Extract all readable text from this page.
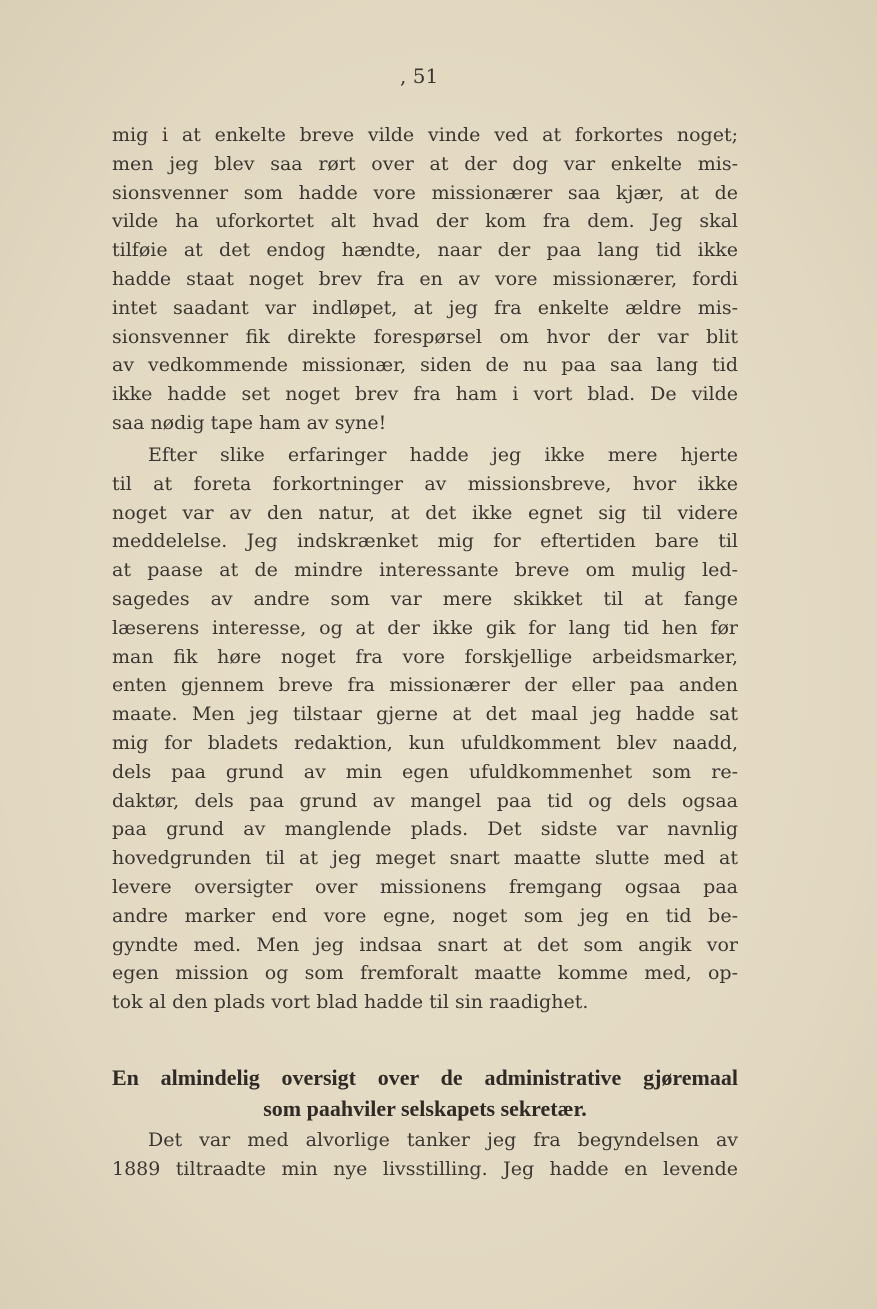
, 51
mig i at enkelte breve vilde vinde ved at forkortes noget;
men jeg blev saa rørt over at der dog var enkelte mis-
sionsvenner som hadde vore missionærer saa kjær, at de
vilde ha uforkortet alt hvad der kom fra dem. Jeg skal
tilføie at det endog hændte, naar der paa lang tid ikke
hadde staat noget brev fra en av vore missionærer, fordi
intet saadant var indløpet, at jeg fra enkelte ældre mis-
sionsvenner fik direkte forespørsel om hvor der var blit
av vedkommende missionær, siden de nu paa saa lang tid
ikke hadde set noget brev fra ham i vort blad. De vilde
saa nødig tape ham av syne!
Efter slike erfaringer hadde jeg ikke mere hjerte
til at foreta forkortninger av missionsbreve, hvor ikke
noget var av den natur, at det ikke egnet sig til videre
meddelelse. Jeg indskrænket mig for eftertiden bare til
at paase at de mindre interessante breve om mulig led-
sagedes av andre som var mere skikket til at fange
læserens interesse, og at der ikke gik for lang tid hen før
man fik høre noget fra vore forskjellige arbeidsmarker,
enten gjennem breve fra missionærer der eller paa anden
maate. Men jeg tilstaar gjerne at det maal jeg hadde sat
mig for bladets redaktion, kun ufuldkomment blev naadd,
dels paa grund av min egen ufuldkommenhet som re-
daktør, dels paa grund av mangel paa tid og dels ogsaa
paa grund av manglende plads. Det sidste var navnlig
hovedgrunden til at jeg meget snart maatte slutte med at
levere oversigter over missionens fremgang ogsaa paa
andre marker end vore egne, noget som jeg en tid be-
gyndte med. Men jeg indsaa snart at det som angik vor
egen mission og som fremforalt maatte komme med, op-
tok al den plads vort blad hadde til sin raadighet.
En almindelig oversigt over de administrative gjøremaal
som paahviler selskapets sekretær.
Det var med alvorlige tanker jeg fra begyndelsen av
1889 tiltraadte min nye livsstilling. Jeg hadde en levende
